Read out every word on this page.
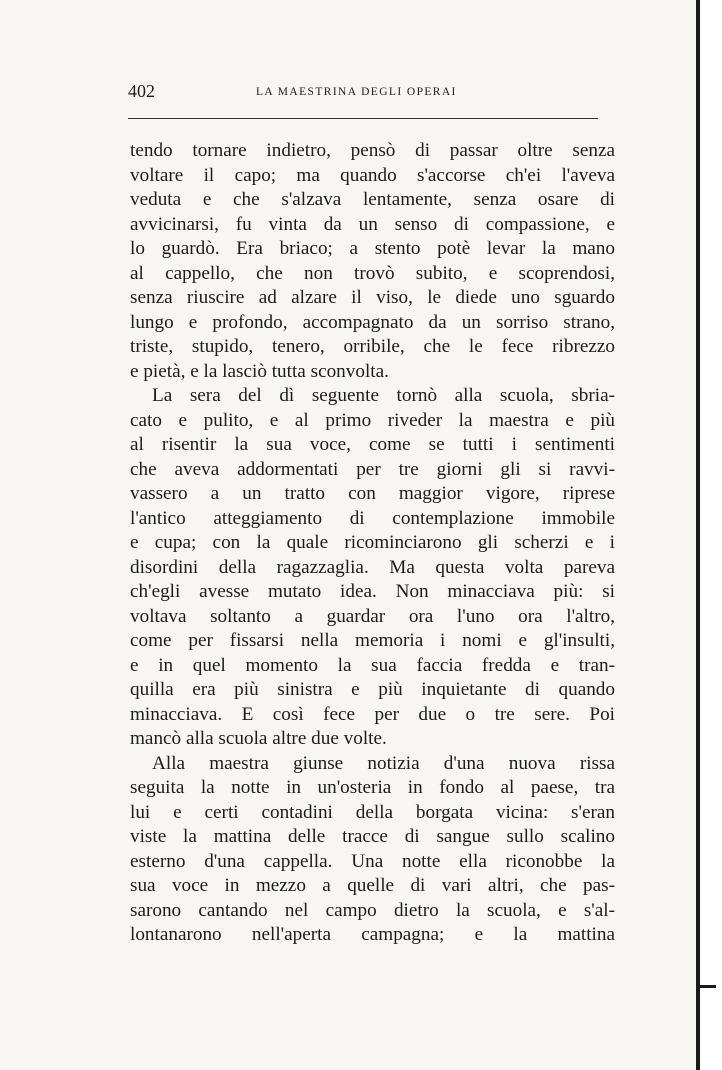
402	LA MAESTRINA DEGLI OPERAI
tendo tornare indietro, pensò di passar oltre senza
voltare il capo; ma quando s'accorse ch'ei l'aveva
veduta e che s'alzava lentamente, senza osare di
avvicinarsi, fu vinta da un senso di compassione, e
lo guardò. Era briaco; a stento potè levar la mano
al cappello, che non trovò subito, e scoprendosi,
senza riuscire ad alzare il viso, le diede uno sguardo
lungo e profondo, accompagnato da un sorriso strano,
triste, stupido, tenero, orribile, che le fece ribrezzo
e pietà, e la lasciò tutta sconvolta.
La sera del dì seguente tornò alla scuola, sbria-
cato e pulito, e al primo riveder la maestra e più
al risentir la sua voce, come se tutti i sentimenti
che aveva addormentati per tre giorni gli si ravvi-
vassero a un tratto con maggior vigore, riprese
l'antico atteggiamento di contemplazione immobile
e cupa; con la quale ricominciarono gli scherzi e i
disordini della ragazzaglia. Ma questa volta pareva
ch'egli avesse mutato idea. Non minacciava più: si
voltava soltanto a guardar ora l'uno ora l'altro,
come per fissarsi nella memoria i nomi e gl'insulti,
e in quel momento la sua faccia fredda e tran-
quilla era più sinistra e più inquietante di quando
minacciava. E così fece per due o tre sere. Poi
mancò alla scuola altre due volte.
Alla maestra giunse notizia d'una nuova rissa
seguita la notte in un'osteria in fondo al paese, tra
lui e certi contadini della borgata vicina: s'eran
viste la mattina delle tracce di sangue sullo scalino
esterno d'una cappella. Una notte ella riconobbe la
sua voce in mezzo a quelle di vari altri, che pas-
sarono cantando nel campo dietro la scuola, e s'al-
lontanarono nell'aperta campagna; e la mattina
